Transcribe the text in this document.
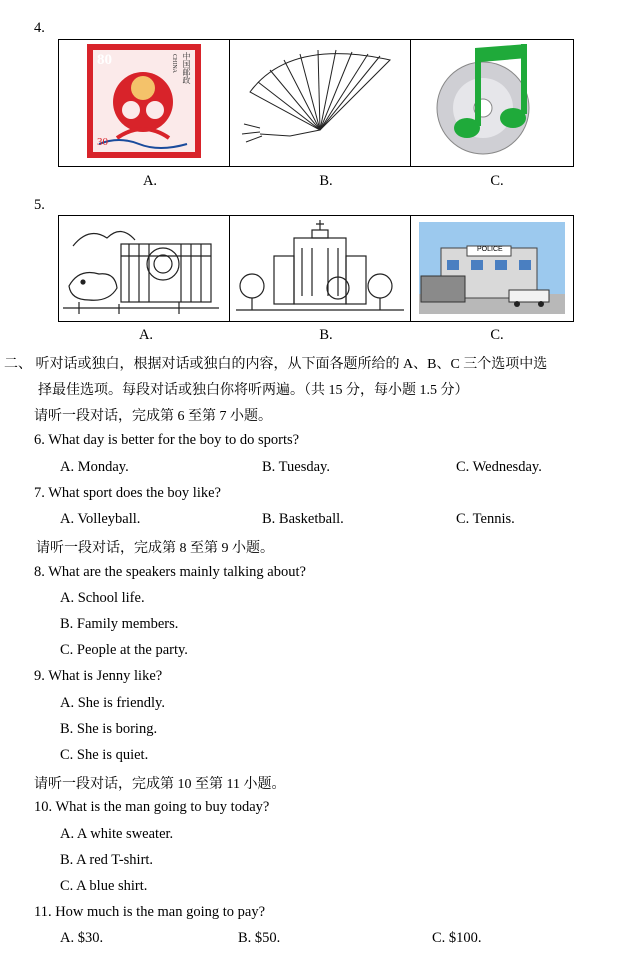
4.
80
30
中国邮政
CHINA

A.	B.	C.
5.

POLICE
A.	B.	C.
二、 听对话或独白，根据对话或独白的内容，从下面各题所给的 A、B、C 三个选项中选
择最佳选项。每段对话或独白你将听两遍。（共 15 分，每小题 1.5 分）
请听一段对话，完成第 6 至第 7 小题。
6. What day is better for the boy to do sports?
A. Monday.	B. Tuesday.	C. Wednesday.
7. What sport does the boy like?
A. Volleyball.	B. Basketball.	C. Tennis.
请听一段对话，完成第 8 至第 9 小题。
8. What are the speakers mainly talking about?
A. School life.
B. Family members.
C. People at the party.
9. What is Jenny like?
A. She is friendly.
B. She is boring.
C. She is quiet.
请听一段对话，完成第 10 至第 11 小题。
10. What is the man going to buy today?
A. A white sweater.
B. A red T-shirt.
C. A blue shirt.
11. How much is the man going to pay?
A. $30.	B. $50.	C. $100.
